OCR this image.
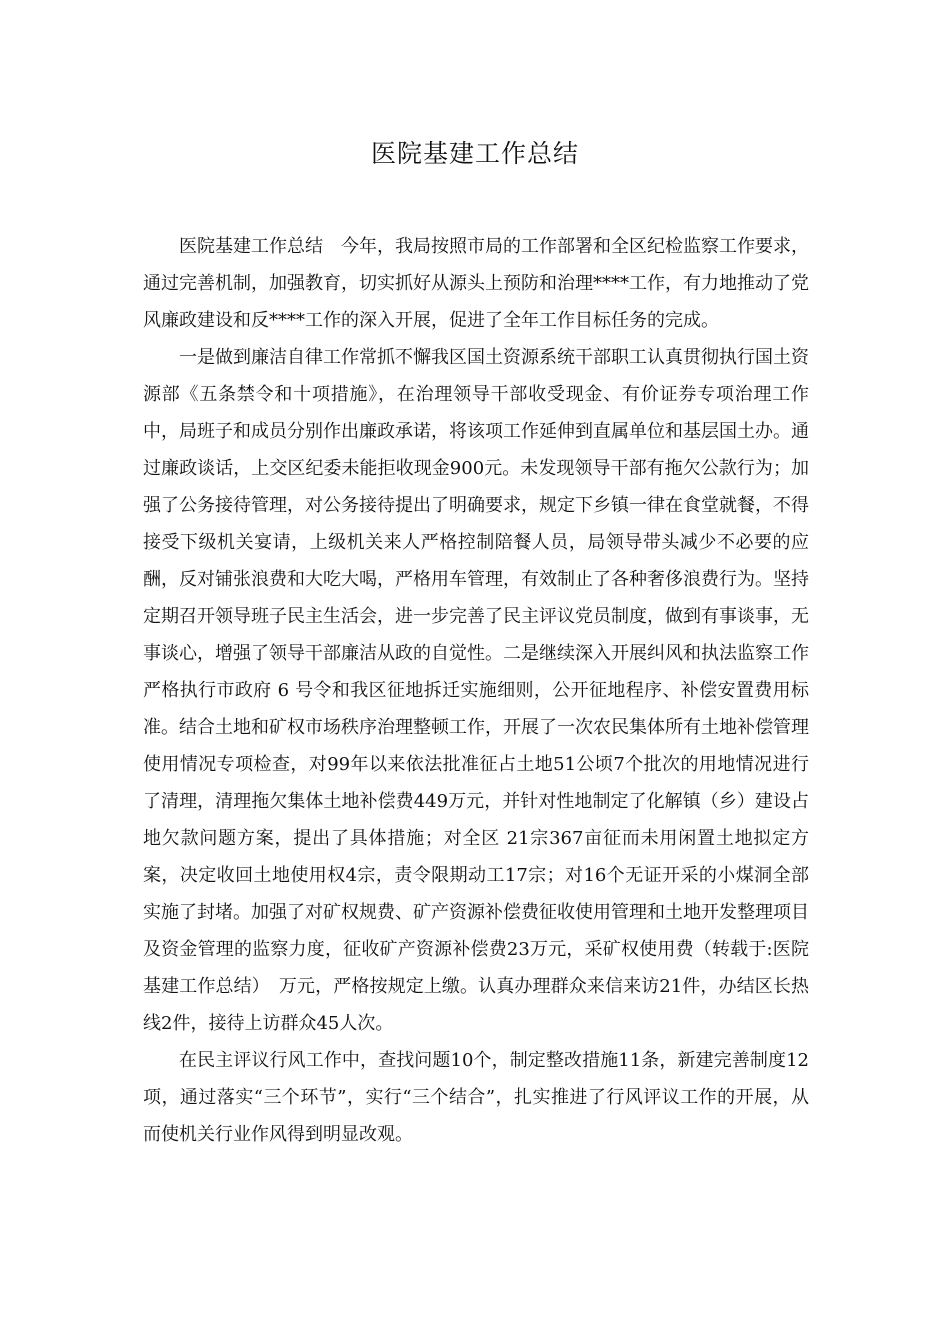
医院基建工作总结

医院基建工作总结　今年，我局按照市局的工作部署和全区纪检监察工作要求，通过完善机制，加强教育，切实抓好从源头上预防和治理****工作，有力地推动了党风廉政建设和反****工作的深入开展，促进了全年工作目标任务的完成。

一是做到廉洁自律工作常抓不懈我区国土资源系统干部职工认真贯彻执行国土资源部《五条禁令和十项措施》，在治理领导干部收受现金、有价证券专项治理工作中，局班子和成员分别作出廉政承诺，将该项工作延伸到直属单位和基层国土办。通过廉政谈话，上交区纪委未能拒收现金900元。未发现领导干部有拖欠公款行为；加强了公务接待管理，对公务接待提出了明确要求，规定下乡镇一律在食堂就餐，不得接受下级机关宴请，上级机关来人严格控制陪餐人员，局领导带头减少不必要的应酬，反对铺张浪费和大吃大喝，严格用车管理，有效制止了各种奢侈浪费行为。坚持定期召开领导班子民主生活会，进一步完善了民主评议党员制度，做到有事谈事，无事谈心，增强了领导干部廉洁从政的自觉性。二是继续深入开展纠风和执法监察工作严格执行市政府 6 号令和我区征地拆迁实施细则，公开征地程序、补偿安置费用标准。结合土地和矿权市场秩序治理整顿工作，开展了一次农民集体所有土地补偿管理使用情况专项检查，对99年以来依法批准征占土地51公顷7个批次的用地情况进行了清理，清理拖欠集体土地补偿费449万元，并针对性地制定了化解镇（乡）建设占地欠款问题方案，提出了具体措施；对全区 21宗367亩征而未用闲置土地拟定方案，决定收回土地使用权4宗，责令限期动工17宗；对16个无证开采的小煤洞全部实施了封堵。加强了对矿权规费、矿产资源补偿费征收使用管理和土地开发整理项目及资金管理的监察力度，征收矿产资源补偿费23万元，采矿权使用费（转载于:医院基建工作总结）　万元，严格按规定上缴。认真办理群众来信来访21件，办结区长热线2件，接待上访群众45人次。

在民主评议行风工作中，查找问题10个，制定整改措施11条，新建完善制度12项，通过落实“三个环节”，实行“三个结合”，扎实推进了行风评议工作的开展，从而使机关行业作风得到明显改观。
